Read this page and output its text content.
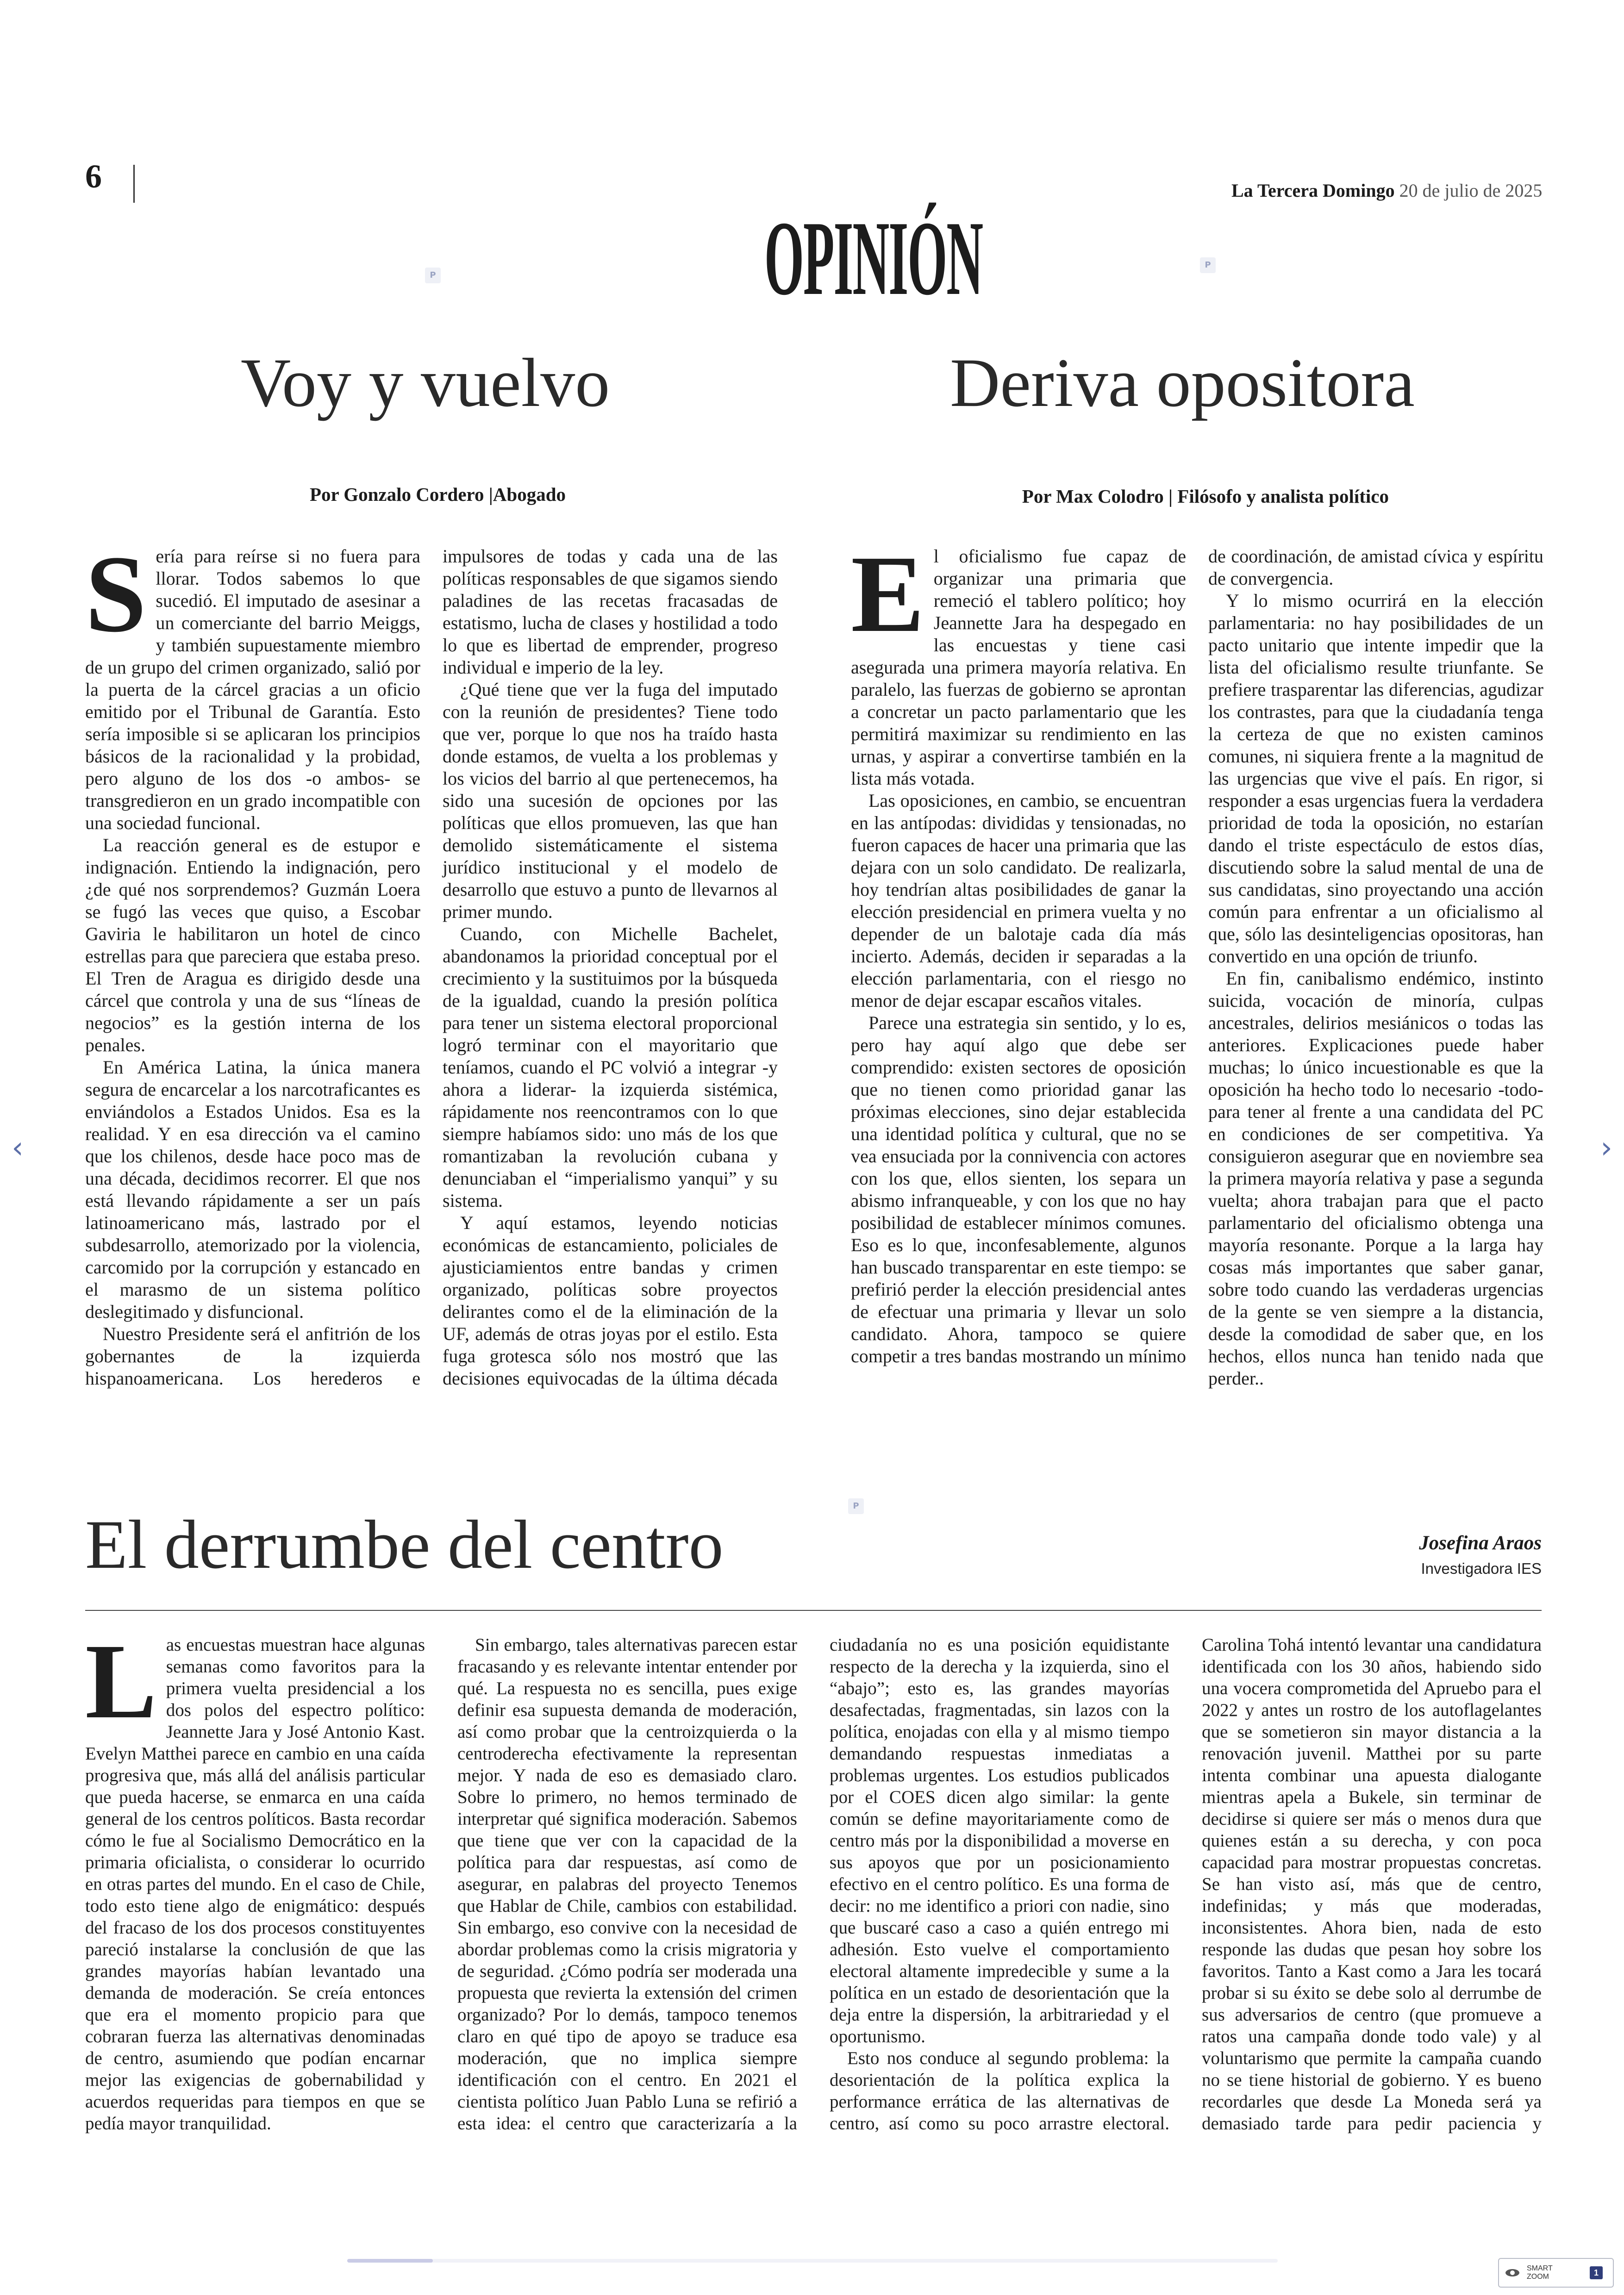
6	La Tercera Domingo 20 de julio de 2025
OPINIÓN
P
P
P
Voy y vuelvo
Por Gonzalo Cordero |Abogado

Sería para reírse si no fuera para llorar. Todos sabemos lo que sucedió. El imputado de asesinar a un comerciante del barrio Meiggs, y también supuestamente miembro de un grupo del crimen organizado, salió por la puerta de la cárcel gracias a un oficio emitido por el Tribunal de Garantía. Esto sería imposible si se aplicaran los principios básicos de la racionalidad y la probidad, pero alguno de los dos -o ambos- se transgredieron en un grado incompatible con una sociedad funcional.

La reacción general es de estupor e indignación. Entiendo la indignación, pero ¿de qué nos sorprendemos? Guzmán Loera se fugó las veces que quiso, a Escobar Gaviria le habilitaron un hotel de cinco estrellas para que pareciera que estaba preso. El Tren de Aragua es dirigido desde una cárcel que controla y una de sus “líneas de negocios” es la gestión interna de los penales.

En América Latina, la única manera segura de encarcelar a los narcotraficantes es enviándolos a Estados Unidos. Esa es la realidad. Y en esa dirección va el camino que los chilenos, desde hace poco mas de una década, decidimos recorrer. El que nos está llevando rápidamente a ser un país latinoamericano más, lastrado por el subdesarrollo, atemorizado por la violencia, carcomido por la corrupción y estancado en el marasmo de un sistema político deslegitimado y disfuncional.

Nuestro Presidente será el anfitrión de los gobernantes de la izquierda hispanoamericana. Los herederos e impulsores de todas y cada una de las políticas responsables de que sigamos siendo paladines de las recetas fracasadas de estatismo, lucha de clases y hostilidad a todo lo que es libertad de emprender, progreso individual e imperio de la ley.

¿Qué tiene que ver la fuga del imputado con la reunión de presidentes? Tiene todo que ver, porque lo que nos ha traído hasta donde estamos, de vuelta a los problemas y los vicios del barrio al que pertenecemos, ha sido una sucesión de opciones por las políticas que ellos promueven, las que han demolido sistemáticamente el sistema jurídico institucional y el modelo de desarrollo que estuvo a punto de llevarnos al primer mundo.

Cuando, con Michelle Bachelet, abandonamos la prioridad conceptual por el crecimiento y la sustituimos por la búsqueda de la igualdad, cuando la presión política para tener un sistema electoral proporcional logró terminar con el mayoritario que teníamos, cuando el PC volvió a integrar -y ahora a liderar- la izquierda sistémica, rápidamente nos reencontramos con lo que siempre habíamos sido: uno más de los que romantizaban la revolución cubana y denunciaban el “imperialismo yanqui” y su sistema.

Y aquí estamos, leyendo noticias económicas de estancamiento, policiales de ajusticiamientos entre bandas y crimen organizado, políticas sobre proyectos delirantes como el de la eliminación de la UF, además de otras joyas por el estilo. Esta fuga grotesca sólo nos mostró que las decisiones equivocadas de la última década

Deriva opositora
Por Max Colodro | Filósofo y analista político

El oficialismo fue capaz de organizar una primaria que remeció el tablero político; hoy Jeannette Jara ha despegado en las encuestas y tiene casi asegurada una primera mayoría relativa. En paralelo, las fuerzas de gobierno se aprontan a concretar un pacto parlamentario que les permitirá maximizar su rendimiento en las urnas, y aspirar a convertirse también en la lista más votada.

Las oposiciones, en cambio, se encuentran en las antípodas: divididas y tensionadas, no fueron capaces de hacer una primaria que las dejara con un solo candidato. De realizarla, hoy tendrían altas posibilidades de ganar la elección presidencial en primera vuelta y no depender de un balotaje cada día más incierto. Además, deciden ir separadas a la elección parlamentaria, con el riesgo no menor de dejar escapar escaños vitales.

Parece una estrategia sin sentido, y lo es, pero hay aquí algo que debe ser comprendido: existen sectores de oposición que no tienen como prioridad ganar las próximas elecciones, sino dejar establecida una identidad política y cultural, que no se vea ensuciada por la connivencia con actores con los que, ellos sienten, los separa un abismo infranqueable, y con los que no hay posibilidad de establecer mínimos comunes. Eso es lo que, inconfesablemente, algunos han buscado transparentar en este tiempo: se prefirió perder la elección presidencial antes de efectuar una primaria y llevar un solo candidato. Ahora, tampoco se quiere competir a tres bandas mostrando un mínimo de coordinación, de amistad cívica y espíritu de convergencia.

Y lo mismo ocurrirá en la elección parlamentaria: no hay posibilidades de un pacto unitario que intente impedir que la lista del oficialismo resulte triunfante. Se prefiere trasparentar las diferencias, agudizar los contrastes, para que la ciudadanía tenga la certeza de que no existen caminos comunes, ni siquiera frente a la magnitud de las urgencias que vive el país. En rigor, si responder a esas urgencias fuera la verdadera prioridad de toda la oposición, no estarían dando el triste espectáculo de estos días, discutiendo sobre la salud mental de una de sus candidatas, sino proyectando una acción común para enfrentar a un oficialismo al que, sólo las desinteligencias opositoras, han convertido en una opción de triunfo.

En fin, canibalismo endémico, instinto suicida, vocación de minoría, culpas ancestrales, delirios mesiánicos o todas las anteriores. Explicaciones puede haber muchas; lo único incuestionable es que la oposición ha hecho todo lo necesario -todo- para tener al frente a una candidata del PC en condiciones de ser competitiva. Ya consiguieron asegurar que en noviembre sea la primera mayoría relativa y pase a segunda vuelta; ahora trabajan para que el pacto parlamentario del oficialismo obtenga una mayoría resonante. Porque a la larga hay cosas más importantes que saber ganar, sobre todo cuando las verdaderas urgencias de la gente se ven siempre a la distancia, desde la comodidad de saber que, en los hechos, ellos nunca han tenido nada que perder..

El derrumbe del centro	Josefina Araos
Investigadora IES

Las encuestas muestran hace algunas semanas como favoritos para la primera vuelta presidencial a los dos polos del espectro político: Jeannette Jara y José Antonio Kast. Evelyn Matthei parece en cambio en una caída progresiva que, más allá del análisis particular que pueda hacerse, se enmarca en una caída general de los centros políticos. Basta recordar cómo le fue al Socialismo Democrático en la primaria oficialista, o considerar lo ocurrido en otras partes del mundo. En el caso de Chile, todo esto tiene algo de enigmático: después del fracaso de los dos procesos constituyentes pareció instalarse la conclusión de que las grandes mayorías habían levantado una demanda de moderación. Se creía entonces que era el momento propicio para que cobraran fuerza las alternativas denominadas de centro, asumiendo que podían encarnar mejor las exigencias de gobernabilidad y acuerdos requeridas para tiempos en que se pedía mayor tranquilidad.

Sin embargo, tales alternativas parecen estar fracasando y es relevante intentar entender por qué. La respuesta no es sencilla, pues exige definir esa supuesta demanda de moderación, así como probar que la centroizquierda o la centroderecha efectivamente la representan mejor. Y nada de eso es demasiado claro. Sobre lo primero, no hemos terminado de interpretar qué significa moderación. Sabemos que tiene que ver con la capacidad de la política para dar respuestas, así como de asegurar, en palabras del proyecto Tenemos que Hablar de Chile, cambios con estabilidad. Sin embargo, eso convive con la necesidad de abordar problemas como la crisis migratoria y de seguridad. ¿Cómo podría ser moderada una propuesta que revierta la extensión del crimen organizado? Por lo demás, tampoco tenemos claro en qué tipo de apoyo se traduce esa moderación, que no implica siempre identificación con el centro. En 2021 el cientista político Juan Pablo Luna se refirió a esta idea: el centro que caracterizaría a la ciudadanía no es una posición equidistante respecto de la derecha y la izquierda, sino el “abajo”; esto es, las grandes mayorías desafectadas, fragmentadas, sin lazos con la política, enojadas con ella y al mismo tiempo demandando respuestas inmediatas a problemas urgentes. Los estudios publicados por el COES dicen algo similar: la gente común se define mayoritariamente como de centro más por la disponibilidad a moverse en sus apoyos que por un posicionamiento efectivo en el centro político. Es una forma de decir: no me identifico a priori con nadie, sino que buscaré caso a caso a quién entrego mi adhesión. Esto vuelve el comportamiento electoral altamente impredecible y sume a la política en un estado de desorientación que la deja entre la dispersión, la arbitrariedad y el oportunismo.

Esto nos conduce al segundo problema: la desorientación de la política explica la performance errática de las alternativas de centro, así como su poco arrastre electoral. Carolina Tohá intentó levantar una candidatura identificada con los 30 años, habiendo sido una vocera comprometida del Apruebo para el 2022 y antes un rostro de los autoflagelantes que se sometieron sin mayor distancia a la renovación juvenil. Matthei por su parte intenta combinar una apuesta dialogante mientras apela a Bukele, sin terminar de decidirse si quiere ser más o menos dura que quienes están a su derecha, y con poca capacidad para mostrar propuestas concretas. Se han visto así, más que de centro, indefinidas; y más que moderadas, inconsistentes. Ahora bien, nada de esto responde las dudas que pesan hoy sobre los favoritos. Tanto a Kast como a Jara les tocará probar si su éxito se debe solo al derrumbe de sus adversarios de centro (que promueve a ratos una campaña donde todo vale) y al voluntarismo que permite la campaña cuando no se tiene historial de gobierno. Y es bueno recordarles que desde La Moneda será ya demasiado tarde para pedir paciencia y

‹	›
SMART
ZOOM	1
